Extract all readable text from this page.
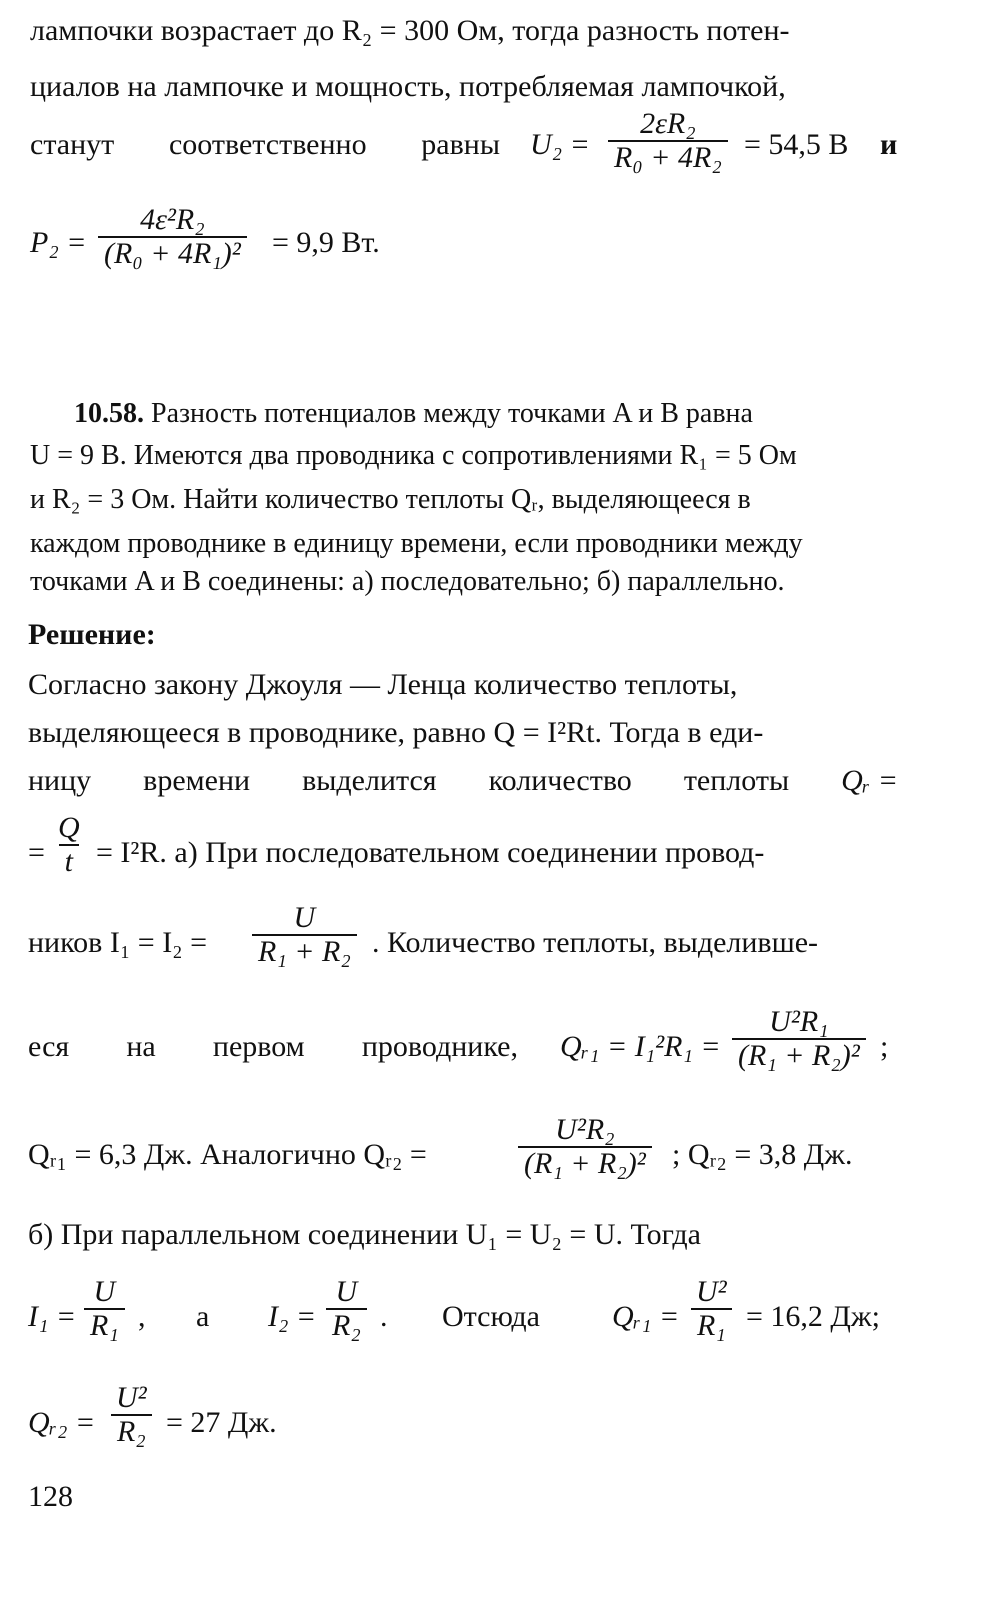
лампочки возрастает до R₂ = 300 Ом, тогда разность потен-
циалов на лампочке и мощность, потребляемая лампочкой,
станут соответственно равны $U_2 = \frac{\text{2εR₂}}{\text{R₀ + 4R₂}} = 54,5$ В и
$P_2 = \frac{\text{4ε²R₂}}{\text{(R₀ + 4R₁)²}} = 9,9$ Вт.
10.58. Разность потенциалов между точками A и B равна
U = 9 В. Имеются два проводника с сопротивлениями R₁ = 5 Ом
и R₂ = 3 Ом. Найти количество теплоты Qᵣ, выделяющееся в
каждом проводнике в единицу времени, если проводники между
точками A и B соединены: а) последовательно; б) параллельно.
Решение:
Согласно закону Джоуля — Ленца количество теплоты,
выделяющееся в проводнике, равно Q = I²Rt. Тогда в еди-
ницу времени выделится количество теплоты Qᵣ =
= $\frac{Q}{t} = I^2R$. а) При последовательном соединении провод-
ников $I_1 = I_2 = \frac{U}{\text{R₁ + R₂}}$ . Количество теплоты, выделивше-
еся на первом проводнике, Qᵣ₁ = $I_1^2R_1 = \frac{\text{U²R₁}}{\text{(R₁ + R₂)²}}$ ;
Qᵣ₁ = 6,3 Дж. Аналогично Qᵣ₂ =	$\frac{\text{U²R₂}}{\text{(R₁ + R₂)²}}$ ; Qᵣ₂ = 3,8 Дж.
б) При параллельном соединении U₁ = U₂ = U. Тогда
$I_1 = \frac{U}{\text{R₁}}$ , а $I_2 = \frac{U}{\text{R₂}}$ . Отсюда Qᵣ₁ = $\frac{\text{U²}}{\text{R₁}} = 16,2$ Дж;
Qᵣ₂ = $\frac{\text{U²}}{\text{R₂}} = 27$ Дж.
128
